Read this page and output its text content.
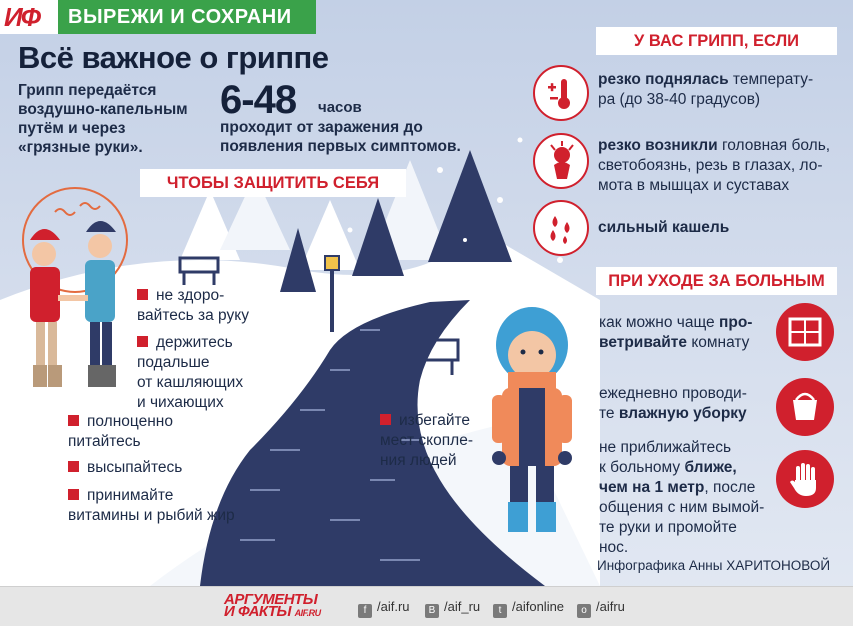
ИФ ВЫРЕЖИ И СОХРАНИ
Всё важное о гриппе
Грипп передаётся воздушно-капельным путём и через «грязные руки».
6-48 часов
проходит от заражения до появления первых симптомов.
ЧТОБЫ ЗАЩИТИТЬ СЕБЯ
не здоро-
вайтесь за руку
держитесь
подальше
от кашляющих
и чихающих
полноценно
питайтесь
высыпайтесь
принимайте
витамины и рыбий жир
избегайте
мест скопле-
ния людей
У ВАС ГРИПП, ЕСЛИ
резко поднялась температу-
ра (до 38-40 градусов)
резко возникли головная боль,
светобоязнь, резь в глазах, ло-
мота в мышцах и суставах
сильный кашель
ПРИ УХОДЕ ЗА БОЛЬНЫМ
как можно чаще про-
ветривайте комнату
ежедневно проводи-
те влажную уборку
не приближайтесь
к больному ближе,
чем на 1 метр, после
общения с ним вымой-
те руки и промойте
нос.
Инфографика Анны ХАРИТОНОВОЙ
АРГУМЕНТЫ
И ФАКТЫ AIF.RU	f /aif.ru	B /aif_ru	t /aifonline	o /aifru
